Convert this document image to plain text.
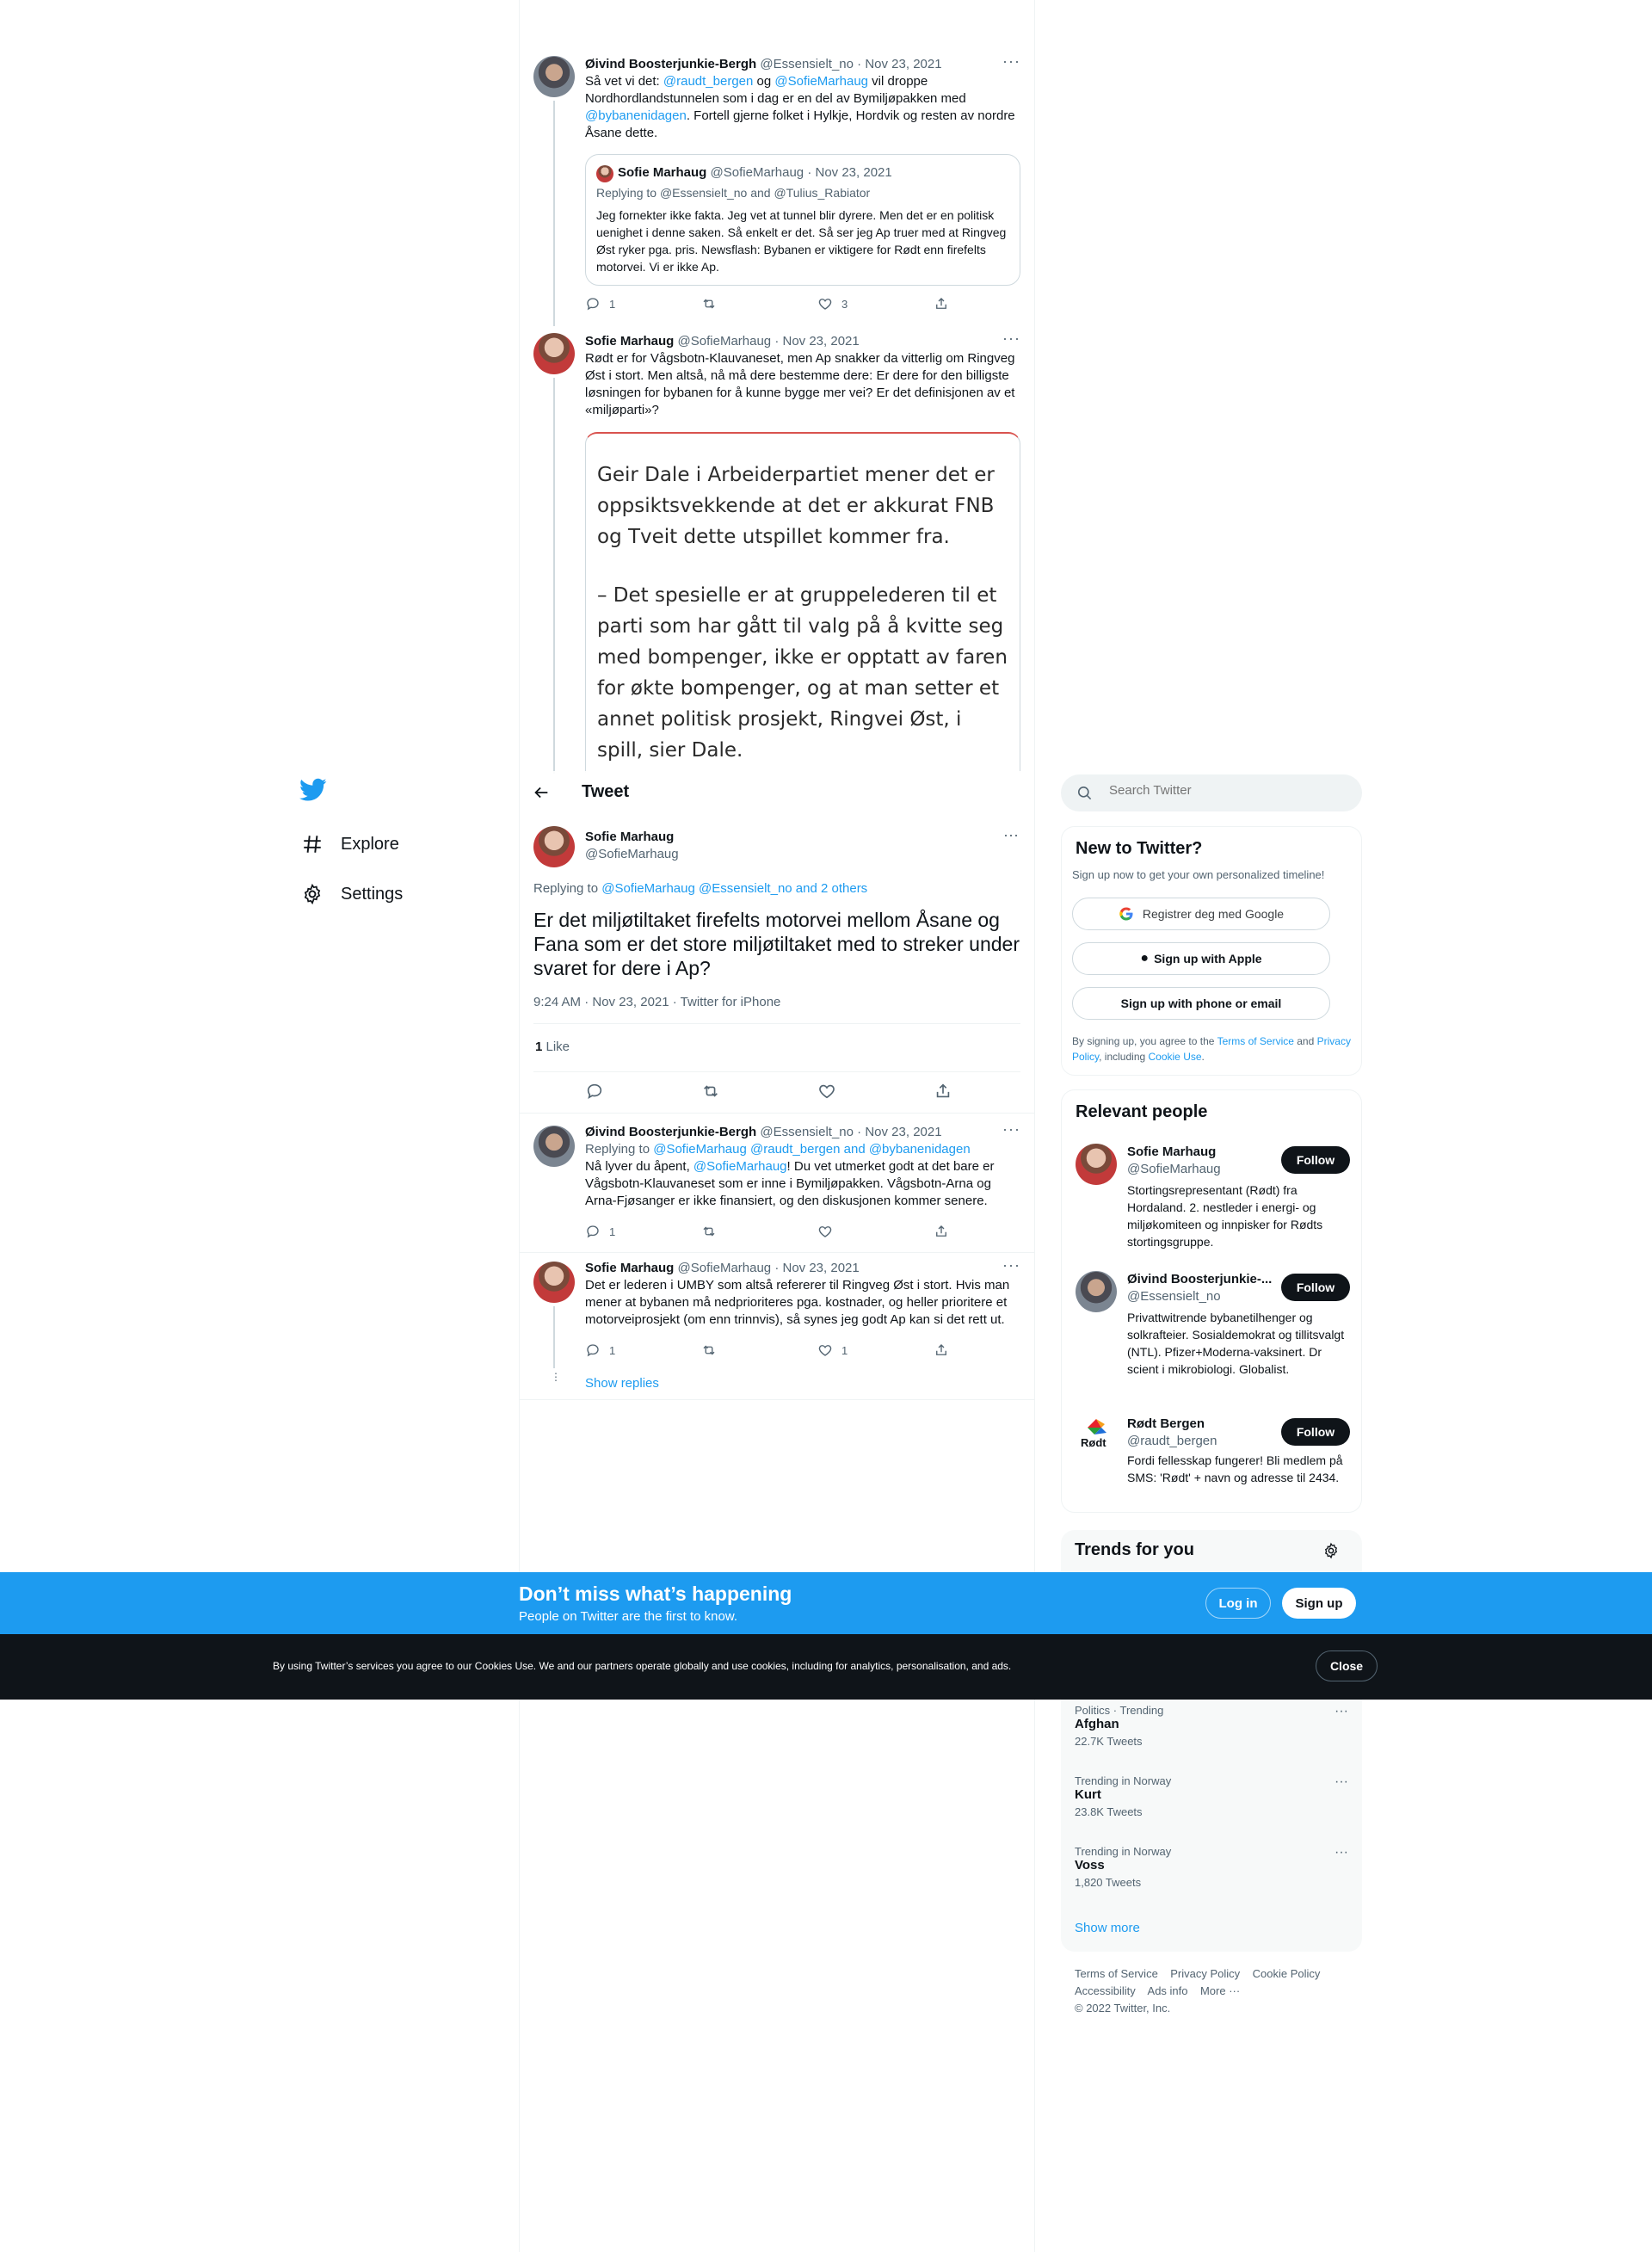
Øivind Boosterjunkie-Bergh @Essensielt_no · Nov 23, 2021	···
Så vet vi det: @raudt_bergen og @SofieMarhaug vil droppe Nordhordlandstunnelen som i dag er en del av Bymiljøpakken med @bybanenidagen. Fortell gjerne folket i Hylkje, Hordvik og resten av nordre Åsane dette.
Sofie Marhaug @SofieMarhaug · Nov 23, 2021
Replying to @Essensielt_no and @Tulius_Rabiator
Jeg fornekter ikke fakta. Jeg vet at tunnel blir dyrere. Men det er en politisk uenighet i denne saken. Så enkelt er det. Så ser jeg Ap truer med at Ringveg Øst ryker pga. pris. Newsflash: Bybanen er viktigere for Rødt enn firefelts motorvei. Vi er ikke Ap.
1	3
Sofie Marhaug @SofieMarhaug · Nov 23, 2021	···
Rødt er for Vågsbotn-Klauvaneset, men Ap snakker da vitterlig om Ringveg Øst i stort. Men altså, nå må dere bestemme dere: Er dere for den billigste løsningen for bybanen for å kunne bygge mer vei? Er det definisjonen av et «miljøparti»?
Geir Dale i Arbeiderpartiet mener det er oppsiktsvekkende at det er akkurat FNB og Tveit dette utspillet kommer fra.
– Det spesielle er at gruppelederen til et parti som har gått til valg på å kvitte seg med bompenger, ikke er opptatt av faren for økte bompenger, og at man setter et annet politisk prosjekt, Ringvei Øst, i spill, sier Dale.
Explore
Settings
Tweet
Sofie Marhaug
@SofieMarhaug
···
Replying to @SofieMarhaug @Essensielt_no and 2 others
Er det miljøtiltaket firefelts motorvei mellom Åsane og Fana som er det store miljøtiltaket med to streker under svaret for dere i Ap?
9:24 AM · Nov 23, 2021 · Twitter for iPhone
1 Like
Øivind Boosterjunkie-Bergh @Essensielt_no · Nov 23, 2021	···
Replying to @SofieMarhaug @raudt_bergen and @bybanenidagen
Nå lyver du åpent, @SofieMarhaug! Du vet utmerket godt at det bare er Vågsbotn-Klauvaneset som er inne i Bymiljøpakken. Vågsbotn-Arna og Arna-Fjøsanger er ikke finansiert, og den diskusjonen kommer senere.
1
Sofie Marhaug @SofieMarhaug · Nov 23, 2021	···
Det er lederen i UMBY som altså refererer til Ringveg Øst i stort. Hvis man mener at bybanen må nedprioriteres pga. kostnader, og heller prioritere et motorveiprosjekt (om enn trinnvis), så synes jeg godt Ap kan si det rett ut.
1	1
⋮ Show replies
Search Twitter
New to Twitter?
Sign up now to get your own personalized timeline!
Registrer deg med Google
● Sign up with Apple
Sign up with phone or email
By signing up, you agree to the Terms of Service and Privacy Policy, including Cookie Use.
Relevant people
Sofie Marhaug
@SofieMarhaug
Follow
Stortingsrepresentant (Rødt) fra Hordaland. 2. nestleder i energi- og miljøkomiteen og innpisker for Rødts stortingsgruppe.
Øivind Boosterjunkie-...
@Essensielt_no
Follow
Privattwitrende bybanetilhenger og solkrafteier. Sosialdemokrat og tillitsvalgt (NTL). Pfizer+Moderna-vaksinert. Dr scient i mikrobiologi. Globalist.
Rødt
Rødt Bergen
@raudt_bergen
Follow
Fordi fellesskap fungerer! Bli medlem på SMS: 'Rødt' + navn og adresse til 2434.
Trends for you
Politics · Trending
Afghan
22.7K Tweets
···
Trending in Norway
Kurt
23.8K Tweets
···
Trending in Norway
Voss
1,820 Tweets
···
Show more
Terms of Service Privacy Policy Cookie Policy
Accessibility Ads info More ···
© 2022 Twitter, Inc.
Don’t miss what’s happening
People on Twitter are the first to know.
Log in	Sign up
By using Twitter’s services you agree to our Cookies Use. We and our partners operate globally and use cookies, including for analytics, personalisation, and ads.	Close
